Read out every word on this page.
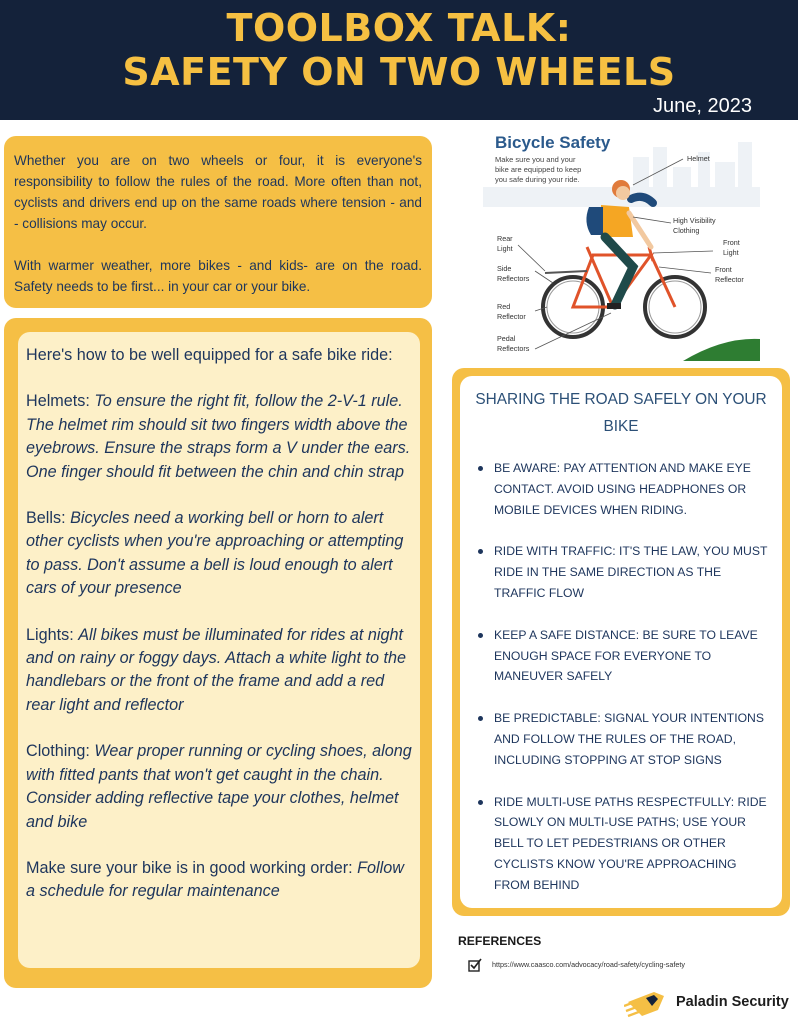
TOOLBOX TALK:
SAFETY ON TWO WHEELS
June, 2023

Whether you are on two wheels or four, it is everyone's responsibility to follow the rules of the road. More often than not, cyclists and drivers end up on the same roads where tension - and - collisions may occur.

With warmer weather, more bikes - and kids- are on the road. Safety needs to be first... in your car or your bike.

Here's how to be well equipped for a safe bike ride:
Helmets: To ensure the right fit, follow the 2-V-1 rule. The helmet rim should sit two fingers width above the eyebrows. Ensure the straps form a V under the ears. One finger should fit between the chin and chin strap
Bells: Bicycles need a working bell or horn to alert other cyclists when you're approaching or attempting to pass. Don't assume a bell is loud enough to alert cars of your presence
Lights: All bikes must be illuminated for rides at night and on rainy or foggy days. Attach a white light to the handlebars or the front of the frame and add a red rear light and reflector
Clothing: Wear proper running or cycling shoes, along with fitted pants that won't get caught in the chain. Consider adding reflective tape your clothes, helmet and bike
Make sure your bike is in good working order: Follow a schedule for regular maintenance
Bicycle Safety
Make sure you and your
bike are equipped to keep
you safe during your ride.
Helmet
High Visibility
Clothing
Rear
Light
Front
Light
Side
Reflectors
Front
Reflector
Red
Reflector
Pedal
Reflectors
SHARING THE ROAD SAFELY ON YOUR BIKE
BE AWARE: PAY ATTENTION AND MAKE EYE CONTACT. AVOID USING HEADPHONES OR MOBILE DEVICES WHEN RIDING.
RIDE WITH TRAFFIC: IT'S THE LAW, YOU MUST RIDE IN THE SAME DIRECTION AS THE TRAFFIC FLOW
KEEP A SAFE DISTANCE: BE SURE TO LEAVE ENOUGH SPACE FOR EVERYONE TO MANEUVER SAFELY
BE PREDICTABLE: SIGNAL YOUR INTENTIONS AND FOLLOW THE RULES OF THE ROAD, INCLUDING STOPPING AT STOP SIGNS
RIDE MULTI-USE PATHS RESPECTFULLY: RIDE SLOWLY ON MULTI-USE PATHS; USE YOUR BELL TO LET PEDESTRIANS OR OTHER CYCLISTS KNOW YOU'RE APPROACHING FROM BEHIND
REFERENCES
https://www.caasco.com/advocacy/road-safety/cycling-safety
Paladin Security
